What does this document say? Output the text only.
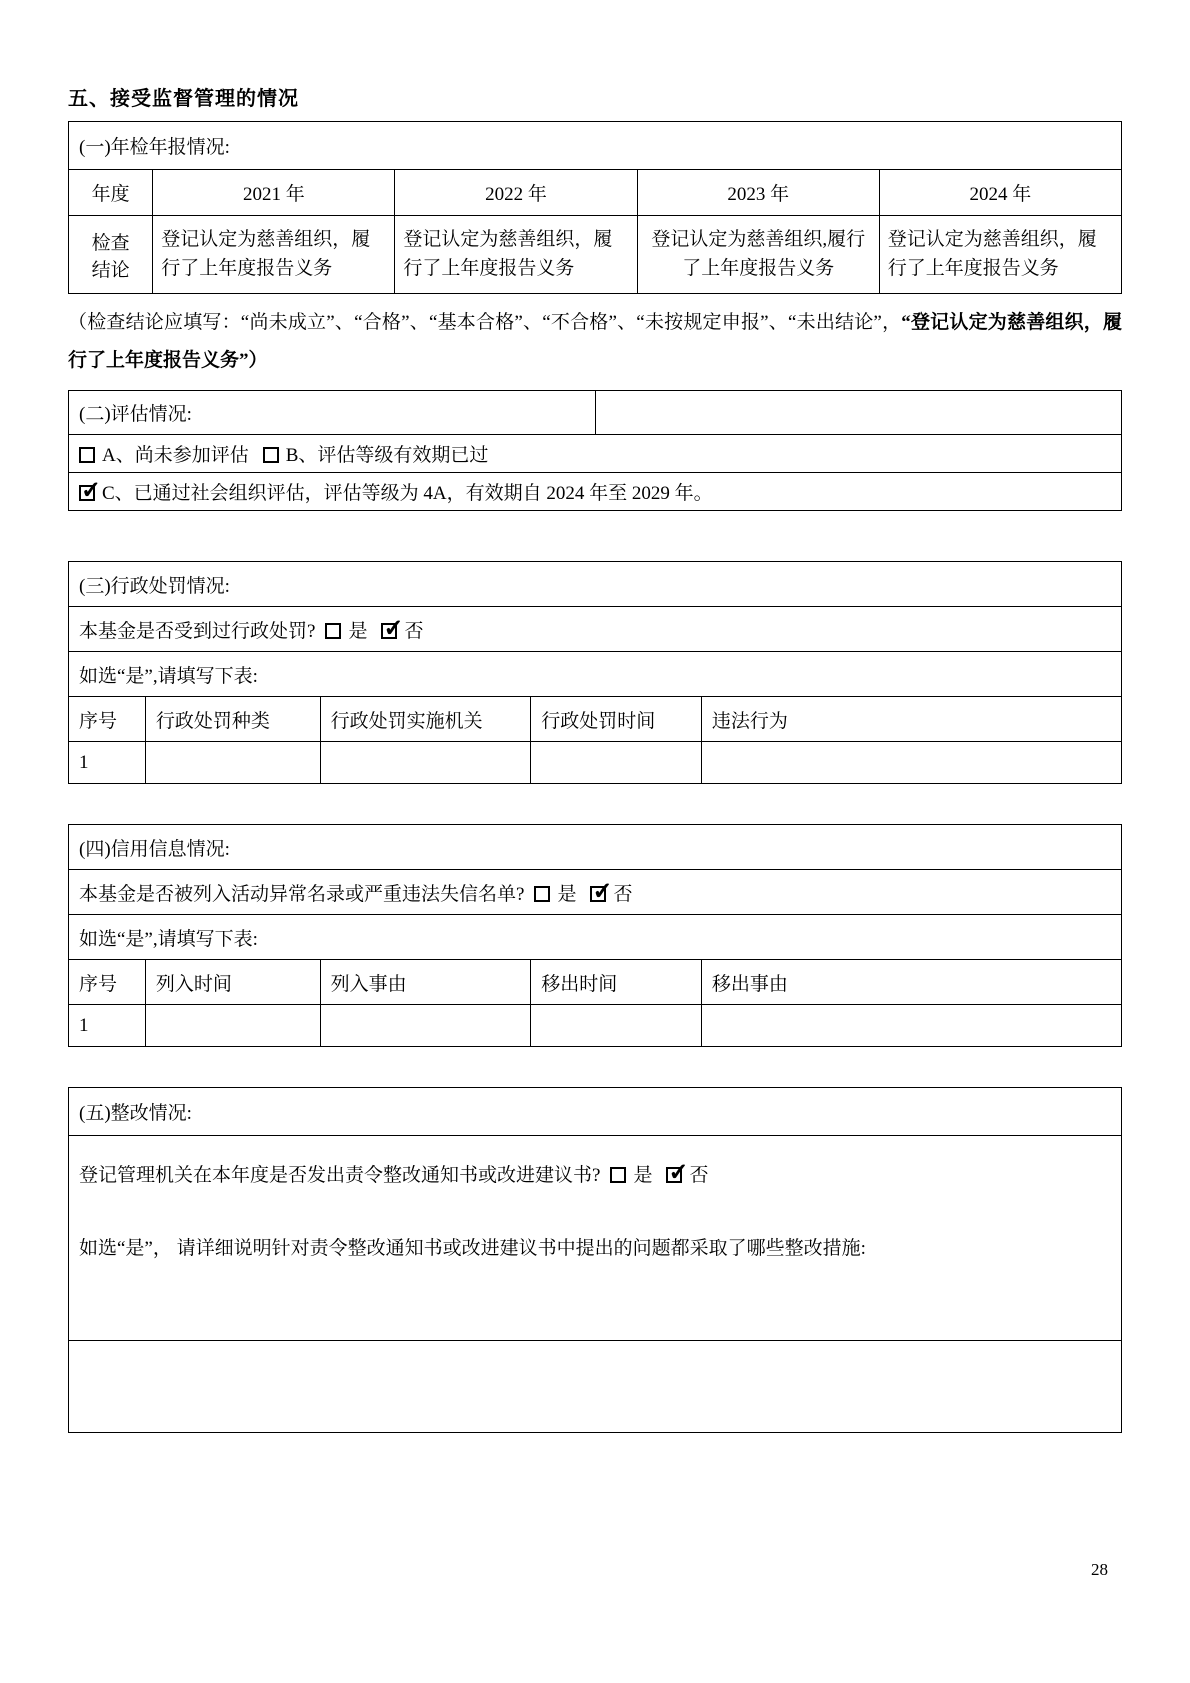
五、接受监督管理的情况
(一)年检年报情况:				
年度	2021 年	2022 年	2023 年	2024 年

检查
结论	登记认定为慈善组织，履行了上年度报告义务	登记认定为慈善组织，履行了上年度报告义务	登记认定为慈善组织,履行了上年度报告义务	登记认定为慈善组织，履行了上年度报告义务

（检查结论应填写：“尚未成立”、“合格”、“基本合格”、“不合格”、“未按规定申报”、“未出结论”，“登记认定为慈善组织，履行了上年度报告义务”）

(二)评估情况:	
A、尚未参加评估 B、评估等级有效期已过
✓C、已通过社会组织评估，评估等级为 4A，有效期自 2024 年至 2029 年。
(三)行政处罚情况:				
本基金是否受到过行政处罚? 是 ✓ 否
如选“是”,请填写下表:				
序号	行政处罚种类	行政处罚实施机关	行政处罚时间	违法行为
1				
(四)信用信息情况:				
本基金是否被列入活动异常名录或严重违法失信名单? 是 ✓ 否
如选“是”,请填写下表:				
序号	列入时间	列入事由	移出时间	移出事由
1				
(五)整改情况:

登记管理机关在本年度是否发出责令整改通知书或改进建议书? 是 ✓ 否

如选“是”， 请详细说明针对责令整改通知书或改进建议书中提出的问题都采取了哪些整改措施:

28
